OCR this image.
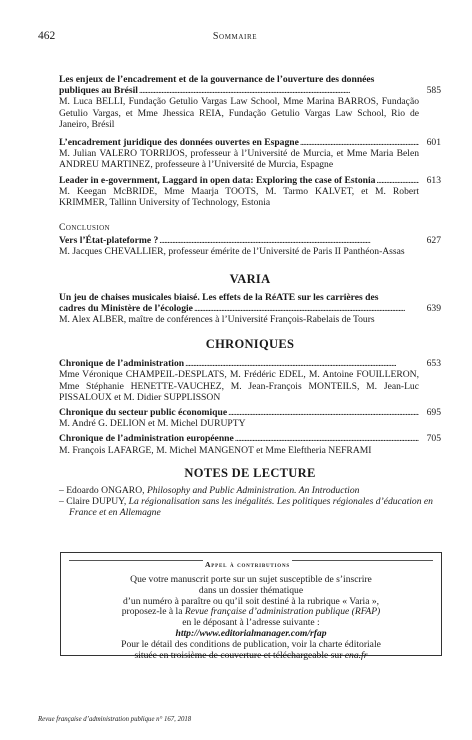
462	Sommaire
Les enjeux de l’encadrement et de la gouvernance de l’ouverture des données
publiques au Brésil . . .	585
M. Luca BELLI, Fundação Getulio Vargas Law School, Mme Marina BARROS, Fundação Getulio Vargas, et Mme Jhessica REIA, Fundação Getulio Vargas Law School, Rio de Janeiro, Brésil
L’encadrement juridique des données ouvertes en Espagne . . .	601
M. Julian VALERO TORRIJOS, professeur à l’Université de Murcia, et Mme Maria Belen ANDREU MARTINEZ, professeure à l’Université de Murcia, Espagne
Leader in e-government, Laggard in open data: Exploring the case of Estonia . . .	613
M. Keegan McBRIDE, Mme Maarja TOOTS, M. Tarmo KALVET, et M. Robert KRIMMER, Tallinn University of Technology, Estonia
Conclusion
Vers l’État-plateforme ? . . .	627
M. Jacques CHEVALLIER, professeur émérite de l’Université de Paris II Panthéon-Assas
VARIA
Un jeu de chaises musicales biaisé. Les effets de la RéATE sur les carrières des
cadres du Ministère de l’écologie . . .	639
M. Alex ALBER, maître de conférences à l’Université François-Rabelais de Tours
CHRONIQUES
Chronique de l’administration . . .	653
Mme Véronique CHAMPEIL-DESPLATS, M. Frédéric EDEL, M. Antoine FOUILLERON, Mme Stéphanie HENETTE-VAUCHEZ, M. Jean-François MONTEILS, M. Jean-Luc PISSALOUX et M. Didier SUPPLISSON
Chronique du secteur public économique . . .	695
M. André G. DELION et M. Michel DURUPTY
Chronique de l’administration européenne . . .	705
M. François LAFARGE, M. Michel MANGENOT et Mme Eleftheria NEFRAMI
NOTES DE LECTURE
– Edoardo ONGARO, Philosophy and Public Administration. An Introduction
– Claire DUPUY, La régionalisation sans les inégalités. Les politiques régionales d’éducation en France et en Allemagne
Appel à contributions
Que votre manuscrit porte sur un sujet susceptible de s’inscrire
dans un dossier thématique
d’un numéro à paraître ou qu’il soit destiné à la rubrique « Varia »,
proposez-le à la Revue française d’administration publique (RFAP)
en le déposant à l’adresse suivante :
http://www.editorialmanager.com/rfap
Pour le détail des conditions de publication, voir la charte éditoriale
située en troisième de couverture et téléchargeable sur ena.fr
Revue française d’administration publique n° 167, 2018
